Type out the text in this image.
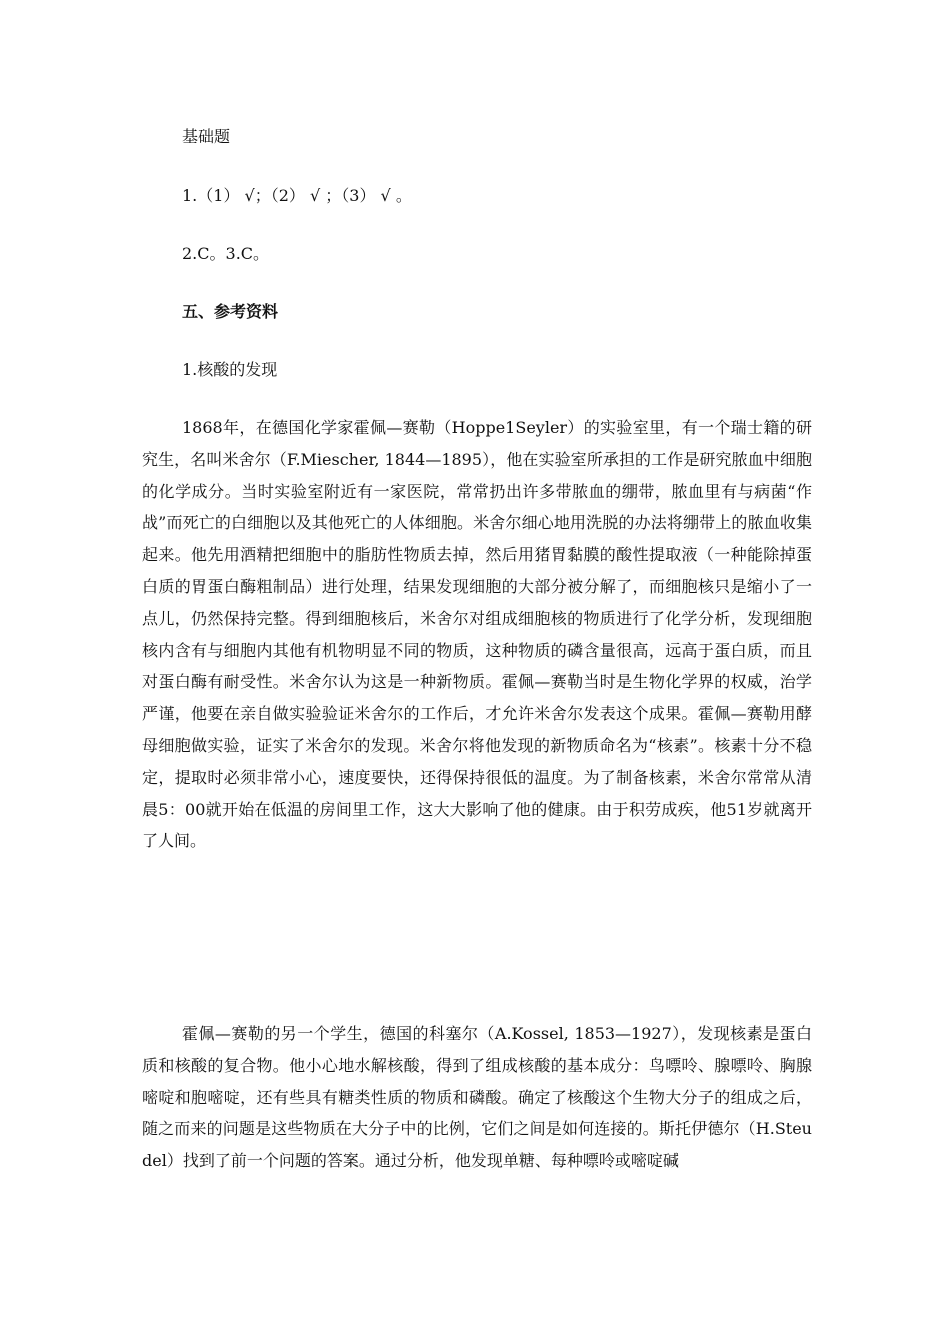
基础题
1.（1） √；（2） √ ；（3） √ 。
2.C。3.C。
五、参考资料
1.核酸的发现

1868年，在德国化学家霍佩—赛勒（Hoppe1Seyler）的实验室里，有一个瑞士籍的研究生，名叫米舍尔（F.Miescher, 1844—1895），他在实验室所承担的工作是研究脓血中细胞的化学成分。当时实验室附近有一家医院，常常扔出许多带脓血的绷带，脓血里有与病菌“作战”而死亡的白细胞以及其他死亡的人体细胞。米舍尔细心地用洗脱的办法将绷带上的脓血收集起来。他先用酒精把细胞中的脂肪性物质去掉，然后用猪胃黏膜的酸性提取液（一种能除掉蛋白质的胃蛋白酶粗制品）进行处理，结果发现细胞的大部分被分解了，而细胞核只是缩小了一点儿，仍然保持完整。得到细胞核后，米舍尔对组成细胞核的物质进行了化学分析，发现细胞核内含有与细胞内其他有机物明显不同的物质，这种物质的磷含量很高，远高于蛋白质，而且对蛋白酶有耐受性。米舍尔认为这是一种新物质。霍佩—赛勒当时是生物化学界的权威，治学严谨，他要在亲自做实验验证米舍尔的工作后，才允许米舍尔发表这个成果。霍佩—赛勒用酵母细胞做实验，证实了米舍尔的发现。米舍尔将他发现的新物质命名为“核素”。核素十分不稳定，提取时必须非常小心，速度要快，还得保持很低的温度。为了制备核素，米舍尔常常从清晨5：00就开始在低温的房间里工作，这大大影响了他的健康。由于积劳成疾，他51岁就离开了人间。

霍佩—赛勒的另一个学生，德国的科塞尔（A.Kossel, 1853—1927），发现核素是蛋白质和核酸的复合物。他小心地水解核酸，得到了组成核酸的基本成分：鸟嘌呤、腺嘌呤、胸腺嘧啶和胞嘧啶，还有些具有糖类性质的物质和磷酸。确定了核酸这个生物大分子的组成之后，随之而来的问题是这些物质在大分子中的比例，它们之间是如何连接的。斯托伊德尔（H.Steudel）找到了前一个问题的答案。通过分析，他发现单糖、每种嘌呤或嘧啶碱
